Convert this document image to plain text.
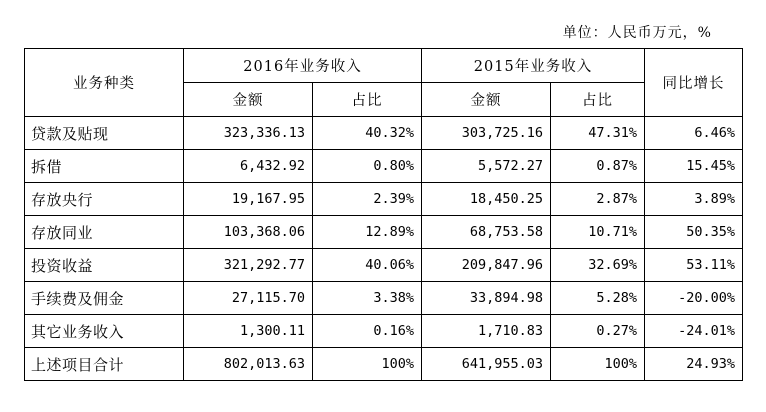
单位：人民币万元，%
业务种类	2016年业务收入		2015年业务收入		同比增长
	金额	占比	金额	占比	
贷款及贴现	323,336.13	40.32%	303,725.16	47.31%	6.46%
拆借	6,432.92	0.80%	5,572.27	0.87%	15.45%
存放央行	19,167.95	2.39%	18,450.25	2.87%	3.89%
存放同业	103,368.06	12.89%	68,753.58	10.71%	50.35%
投资收益	321,292.77	40.06%	209,847.96	32.69%	53.11%
手续费及佣金	27,115.70	3.38%	33,894.98	5.28%	-20.00%
其它业务收入	1,300.11	0.16%	1,710.83	0.27%	-24.01%
上述项目合计	802,013.63	100%	641,955.03	100%	24.93%
